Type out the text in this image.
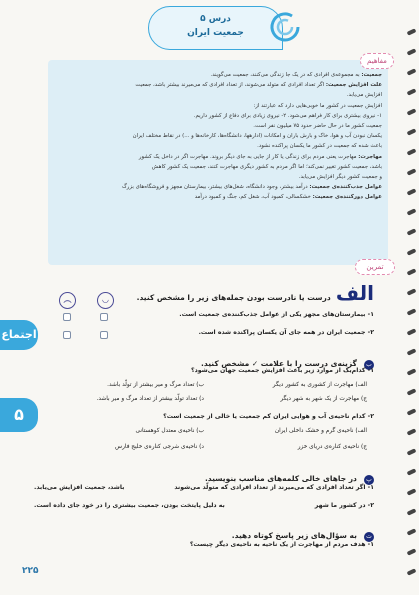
اجتماع
۵
درس ۵
جمعیت ایران
مفاهیم

جمعیت: به مجموعه‌ی افرادی که در یک جا زندگی می‌کنند، جمعیت می‌گویند.

علت افزایش جمعیت: اگر تعداد افرادی که متولد می‌شوند، از تعداد افرادی که می‌میرند بیشتر باشد، جمعیت

افزایش می‌یابد.

افزایش جمعیت در کشور ما خوبی‌هایی دارد که عبارتند از:

۱- نیروی بیشتری برای کار فراهم می‌شود. ۲- نیروی زیادی برای دفاع از کشور داریم.

جمعیت کشور ما در حال حاضر حدود ۷۵ میلیون نفر است.

یکسان نبودن آب و هوا، خاک و بارش باران و امکانات (ادارهها، دانشگاه‌ها، کارخانه‌ها و ...) در نقاط مختلف ایران

باعث شده که جمعیت در کشور ما یکسان پراکنده نشود.

مهاجرت: مهاجرت یعنی مردم برای زندگی یا کار از جایی به جای دیگر بروند. مهاجرت اگر در داخل یک کشور

باشد، جمعیت کشور تغییر نمی‌کند؛ اما اگر مردم به کشور دیگری مهاجرت کنند، جمعیت یک کشور کاهش

و جمعیت کشور دیگر افزایش می‌یابد.

عوامل جذب‌کننده‌ی جمعیت: درآمد بیشتر، وجود دانشگاه، شغل‌های بیشتر، بیمارستان مجهز و فروشگاه‌های بزرگ

عوامل دورکننده‌ی جمعیت: خشکسالی، کمبود آب، شغل کم، جنگ و کمبود درآمد

تمرین
الف درست یا نادرست بودن جمله‌های زیر را مشخص کنید.
◡
︵
۱- بیمارستان‌های مجهز یکی از عوامل جذب‌کننده‌ی جمعیت است.
۲- جمعیت ایران در همه جای آن یکسان پراکنده شده است.
ب گزینه‌ی درست را با علامت ✓ مشخص کنید.
۱- کدام‌یک از موارد زیر باعث افزایش جمعیت جهان می‌شود؟
الف) مهاجرت از کشوری به کشور دیگر
ب) تعداد مرگ و میر بیشتر از تولّد باشد.
ج) مهاجرت از یک شهر به شهر دیگر
د) تعداد تولّد بیشتر از تعداد مرگ و میر باشد.
۲- کدام ناحیه‌ی آب و هوایی ایران کم جمعیت یا خالی از جمعیت است؟
الف) ناحیه‌ی گرم و خشک داخلی ایران
ب) ناحیه‌ی معتدل کوهستانی
ج) ناحیه‌ی کناره‌ی دریای خزر
د) ناحیه‌ی شرجی کناره‌ی خلیج فارس
پ در جاهای خالی کلمه‌های مناسب بنویسید.
۱- اگر تعداد افرادی که می‌میرند از تعداد افرادی که متولّد می‌شوند
باشد، جمعیت افزایش می‌یابد.
۲- در کشور ما شهر
به دلیل پایتخت بودن، جمعیت بیشتری را در خود جای داده است.
ت به سؤال‌های زیر پاسخ کوتاه دهید.
۱- هدف مردم از مهاجرت از یک ناحیه به ناحیه‌ی دیگر چیست؟
۲۲۵
